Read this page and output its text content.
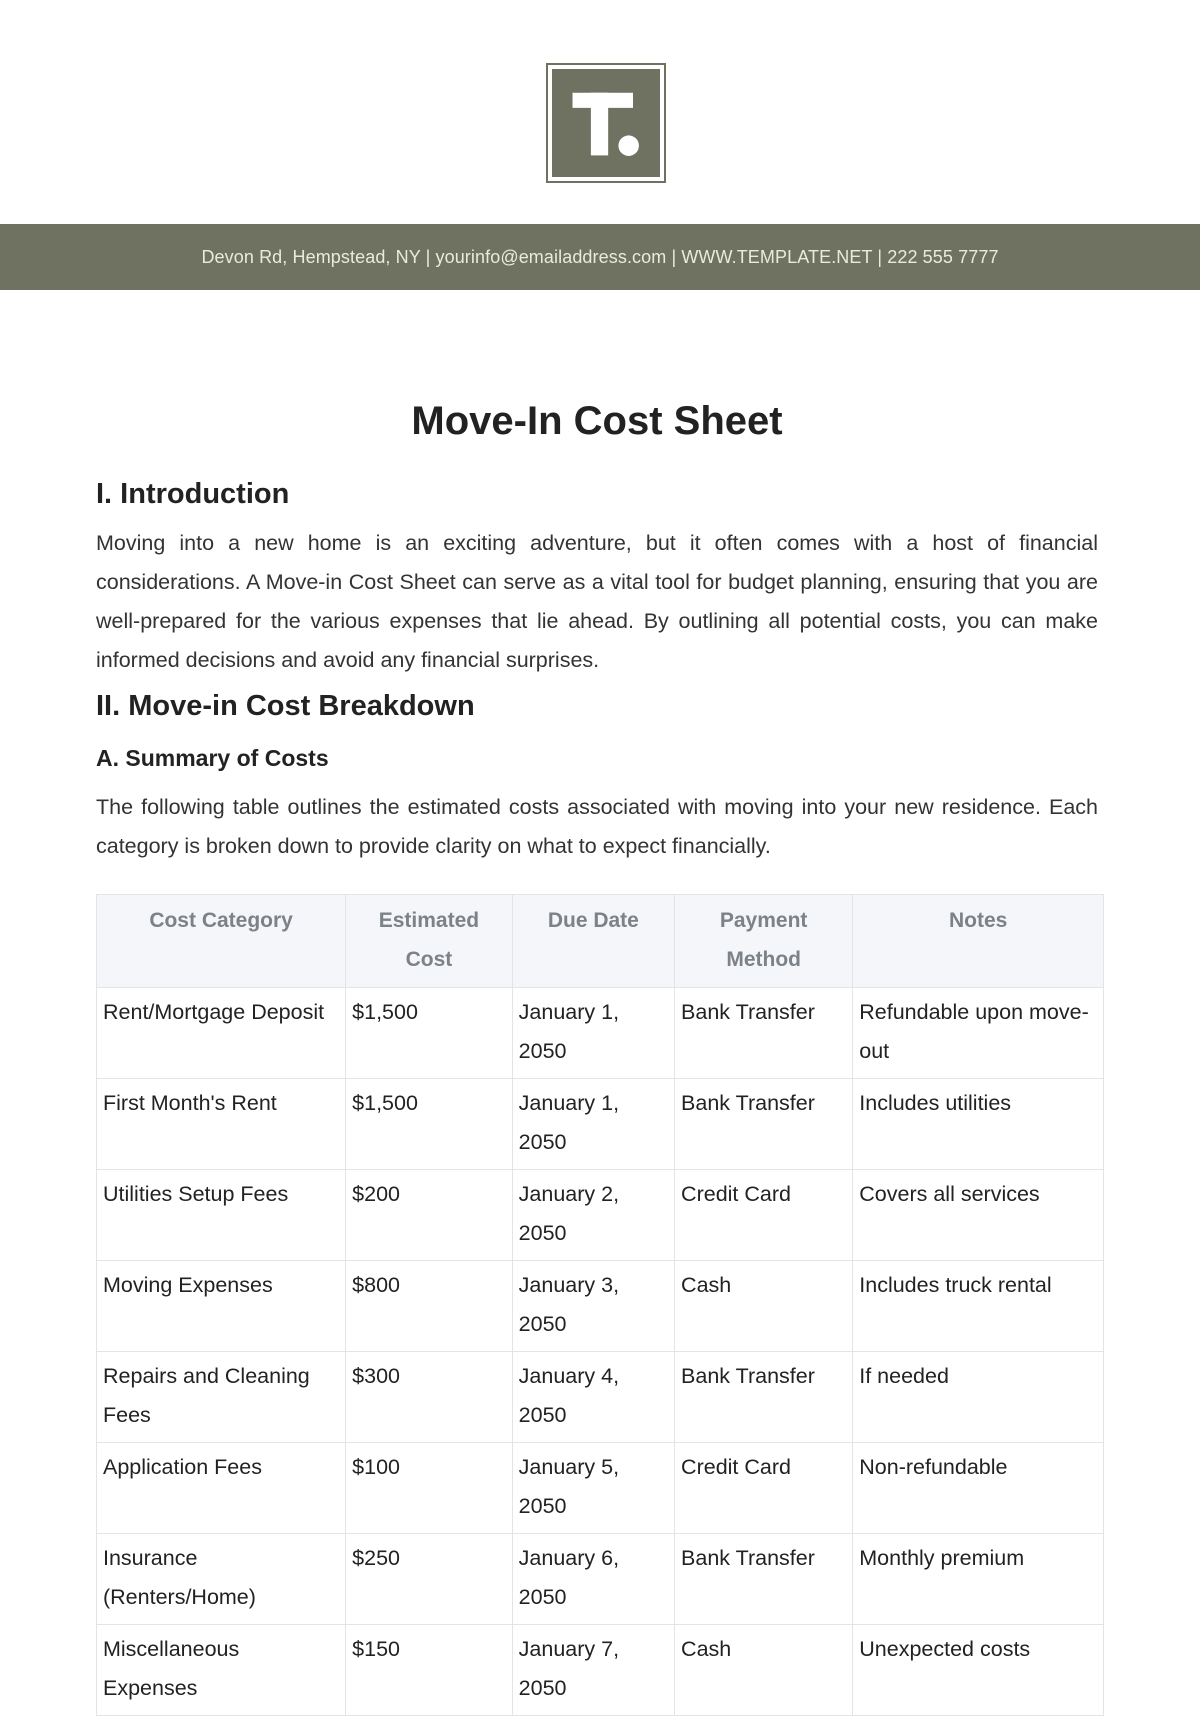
Devon Rd, Hempstead, NY | yourinfo@emailaddress.com | WWW.TEMPLATE.NET | 222 555 7777
Move-In Cost Sheet
I. Introduction

Moving into a new home is an exciting adventure, but it often comes with a host of financial considerations. A Move-in Cost Sheet can serve as a vital tool for budget planning, ensuring that you are well-prepared for the various expenses that lie ahead. By outlining all potential costs, you can make informed decisions and avoid any financial surprises.

II. Move-in Cost Breakdown
A. Summary of Costs

The following table outlines the estimated costs associated with moving into your new residence. Each category is broken down to provide clarity on what to expect financially.

Cost Category	Estimated Cost	Due Date	Payment Method	Notes
Rent/Mortgage Deposit	$1,500	January 1, 2050	Bank Transfer	Refundable upon move-out
First Month's Rent	$1,500	January 1, 2050	Bank Transfer	Includes utilities
Utilities Setup Fees	$200	January 2, 2050	Credit Card	Covers all services
Moving Expenses	$800	January 3, 2050	Cash	Includes truck rental
Repairs and Cleaning Fees	$300	January 4, 2050	Bank Transfer	If needed
Application Fees	$100	January 5, 2050	Credit Card	Non-refundable
Insurance (Renters/Home)	$250	January 6, 2050	Bank Transfer	Monthly premium
Miscellaneous Expenses	$150	January 7, 2050	Cash	Unexpected costs
